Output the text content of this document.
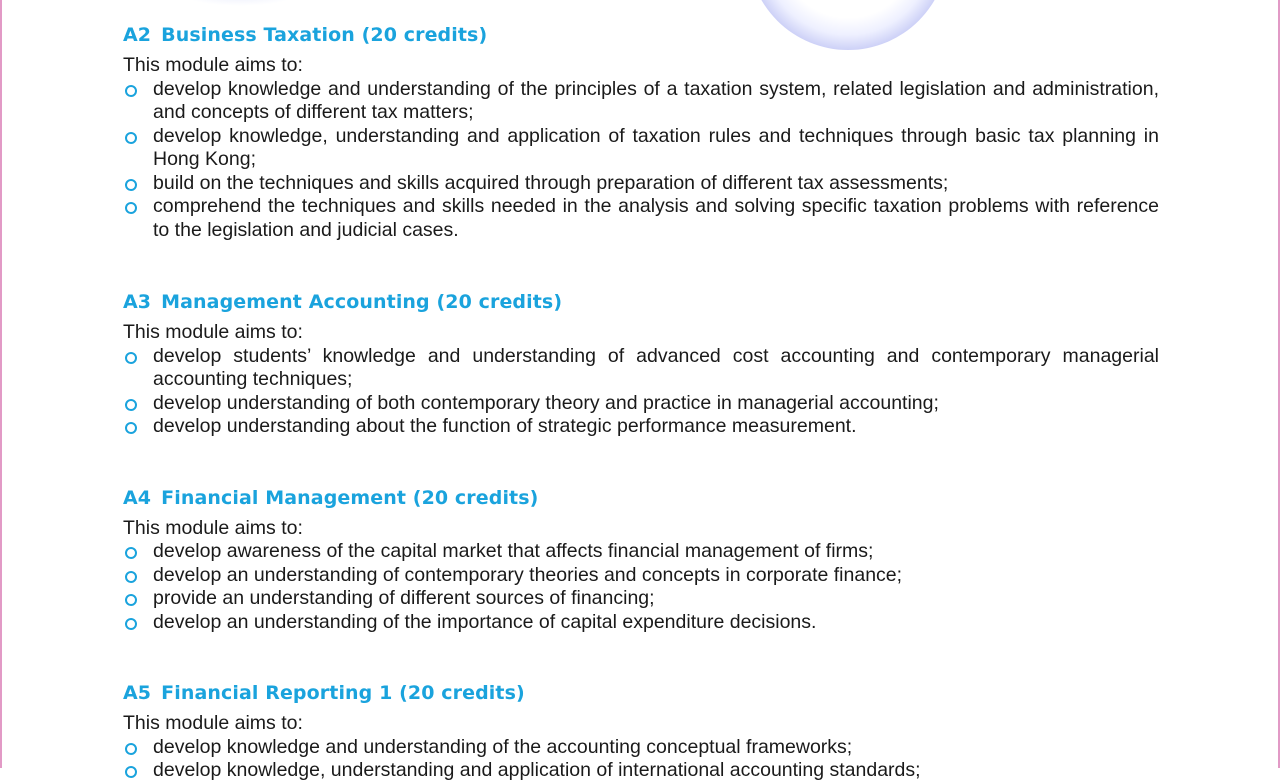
A2 Business Taxation (20 credits)

This module aims to:

develop knowledge and understanding of the principles of a taxation system, related legislation and administration, and concepts of different tax matters;
develop knowledge, understanding and application of taxation rules and techniques through basic tax planning in Hong Kong;
build on the techniques and skills acquired through preparation of different tax assessments;
comprehend the techniques and skills needed in the analysis and solving specific taxation problems with reference to the legislation and judicial cases.
A3 Management Accounting (20 credits)

This module aims to:

develop students’ knowledge and understanding of advanced cost accounting and contemporary managerial accounting techniques;
develop understanding of both contemporary theory and practice in managerial accounting;
develop understanding about the function of strategic performance measurement.
A4 Financial Management (20 credits)

This module aims to:

develop awareness of the capital market that affects financial management of firms;
develop an understanding of contemporary theories and concepts in corporate finance;
provide an understanding of different sources of financing;
develop an understanding of the importance of capital expenditure decisions.
A5 Financial Reporting 1 (20 credits)

This module aims to:

develop knowledge and understanding of the accounting conceptual frameworks;
develop knowledge, understanding and application of international accounting standards;
